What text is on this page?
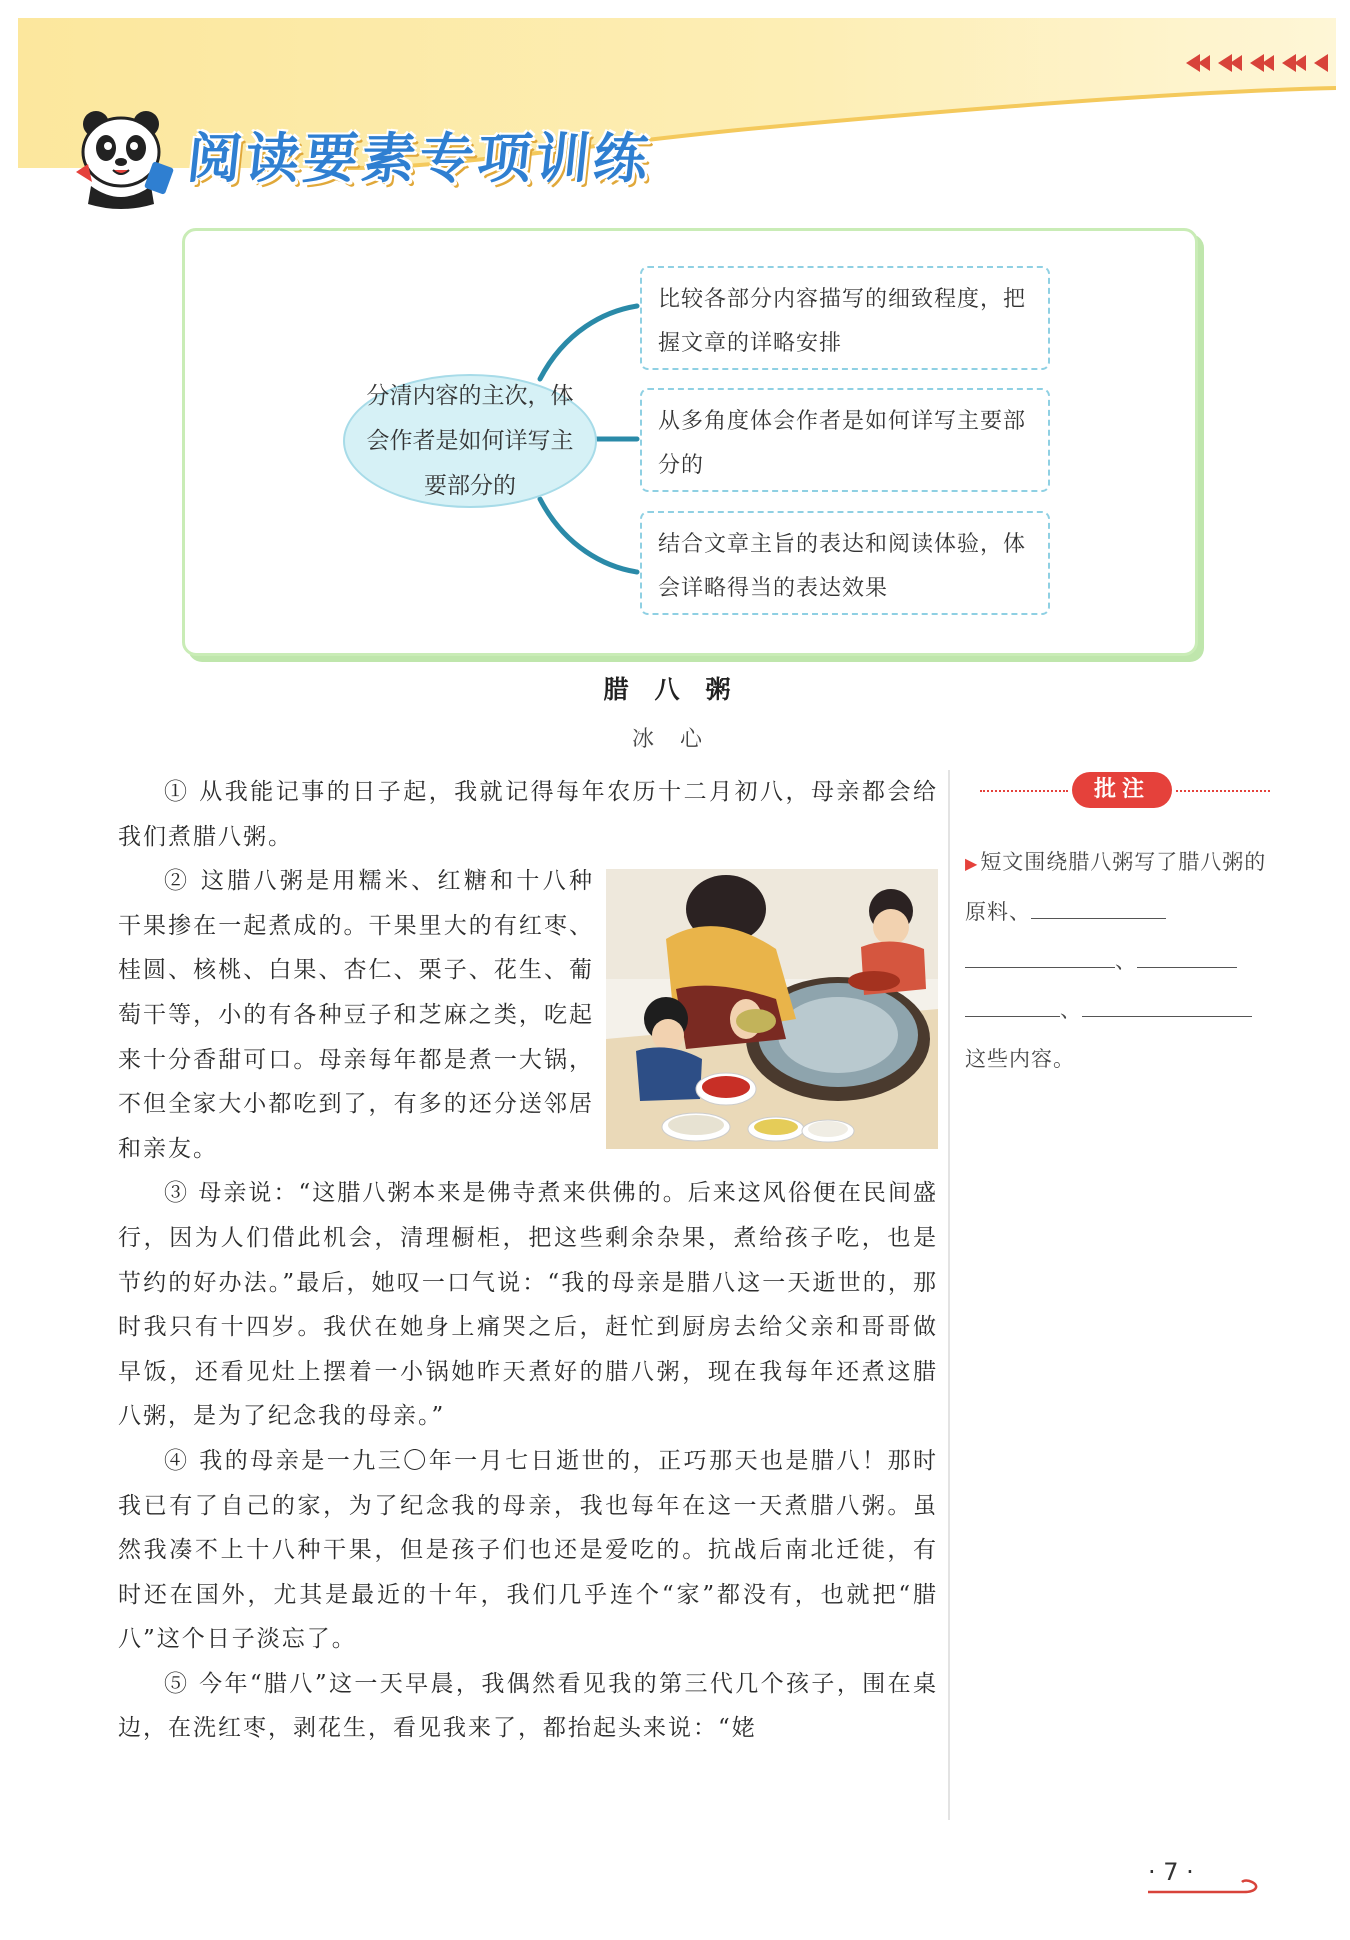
阅读要素专项训练
分清内容的主次，体会作者是如何详写主要部分的
比较各部分内容描写的细致程度，把握文章的详略安排
从多角度体会作者是如何详写主要部分的
结合文章主旨的表达和阅读体验，体会详略得当的表达效果
腊八粥
冰心

① 从我能记事的日子起，我就记得每年农历十二月初八，母亲都会给我们煮腊八粥。

② 这腊八粥是用糯米、红糖和十八种干果掺在一起煮成的。干果里大的有红枣、桂圆、核桃、白果、杏仁、栗子、花生、葡萄干等，小的有各种豆子和芝麻之类，吃起来十分香甜可口。母亲每年都是煮一大锅，不但全家大小都吃到了，有多的还分送邻居和亲友。

③ 母亲说：“这腊八粥本来是佛寺煮来供佛的。后来这风俗便在民间盛行，因为人们借此机会，清理橱柜，把这些剩余杂果，煮给孩子吃，也是节约的好办法。”最后，她叹一口气说：“我的母亲是腊八这一天逝世的，那时我只有十四岁。我伏在她身上痛哭之后，赶忙到厨房去给父亲和哥哥做早饭，还看见灶上摆着一小锅她昨天煮好的腊八粥，现在我每年还煮这腊八粥，是为了纪念我的母亲。”

④ 我的母亲是一九三〇年一月七日逝世的，正巧那天也是腊八！那时我已有了自己的家，为了纪念我的母亲，我也每年在这一天煮腊八粥。虽然我凑不上十八种干果，但是孩子们也还是爱吃的。抗战后南北迁徙，有时还在国外，尤其是最近的十年，我们几乎连个“家”都没有，也就把“腊八”这个日子淡忘了。

⑤ 今年“腊八”这一天早晨，我偶然看见我的第三代几个孩子，围在桌边，在洗红枣，剥花生，看见我来了，都抬起头来说：“姥

批注
▶短文围绕腊八粥写了腊八粥的原料、
、
、
这些内容。
· 7 ·
